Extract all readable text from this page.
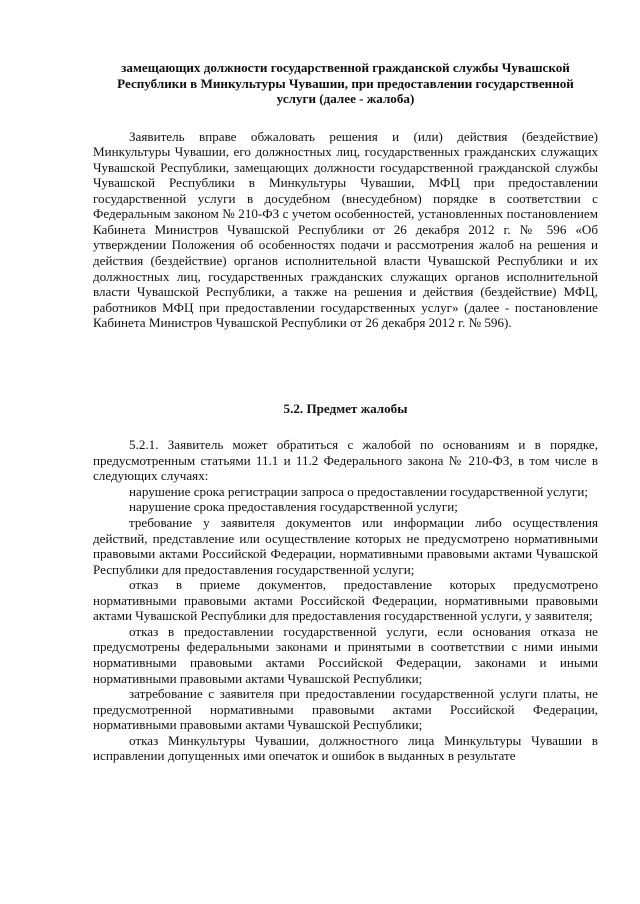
замещающих должности государственной гражданской службы Чувашской Республики в Минкультуры Чувашии, при предоставлении государственной услуги (далее - жалоба)

Заявитель вправе обжаловать решения и (или) действия (бездействие) Минкультуры Чувашии, его должностных лиц, государственных гражданских служащих Чувашской Республики, замещающих должности государственной гражданской службы Чувашской Республики в Минкультуры Чувашии, МФЦ при предоставлении государственной услуги в досудебном (внесудебном) порядке в соответствии с Федеральным законом № 210-ФЗ с учетом особенностей, установленных постановлением Кабинета Министров Чувашской Республики от 26 декабря 2012 г. № 596 «Об утверждении Положения об особенностях подачи и рассмотрения жалоб на решения и действия (бездействие) органов исполнительной власти Чувашской Республики и их должностных лиц, государственных гражданских служащих органов исполнительной власти Чувашской Республики, а также на решения и действия (бездействие) МФЦ, работников МФЦ при предоставлении государственных услуг» (далее - постановление Кабинета Министров Чувашской Республики от 26 декабря 2012 г. № 596).

5.2. Предмет жалобы

5.2.1. Заявитель может обратиться с жалобой по основаниям и в порядке, предусмотренным статьями 11.1 и 11.2 Федерального закона № 210-ФЗ, в том числе в следующих случаях:

нарушение срока регистрации запроса о предоставлении государственной услуги;

нарушение срока предоставления государственной услуги;

требование у заявителя документов или информации либо осуществления действий, представление или осуществление которых не предусмотрено нормативными правовыми актами Российской Федерации, нормативными правовыми актами Чувашской Республики для предоставления государственной услуги;

отказ в приеме документов, предоставление которых предусмотрено нормативными правовыми актами Российской Федерации, нормативными правовыми актами Чувашской Республики для предоставления государственной услуги, у заявителя;

отказ в предоставлении государственной услуги, если основания отказа не предусмотрены федеральными законами и принятыми в соответствии с ними иными нормативными правовыми актами Российской Федерации, законами и иными нормативными правовыми актами Чувашской Республики;

затребование с заявителя при предоставлении государственной услуги платы, не предусмотренной нормативными правовыми актами Российской Федерации, нормативными правовыми актами Чувашской Республики;

отказ Минкультуры Чувашии, должностного лица Минкультуры Чувашии в исправлении допущенных ими опечаток и ошибок в выданных в результате
